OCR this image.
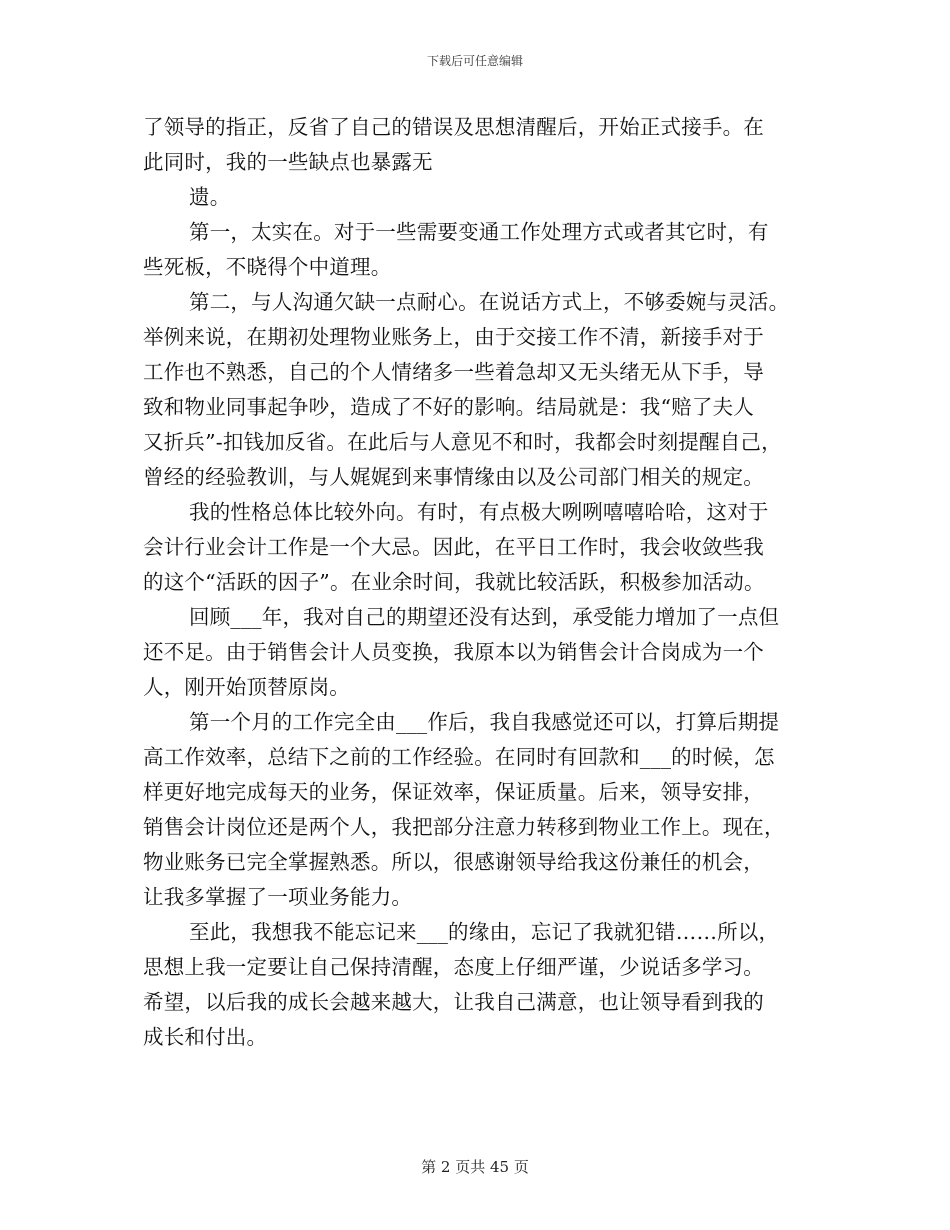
下载后可任意编辑
了领导的指正，反省了自己的错误及思想清醒后，开始正式接手。在
此同时，我的一些缺点也暴露无
遗。
第一，太实在。对于一些需要变通工作处理方式或者其它时，有
些死板，不晓得个中道理。
第二，与人沟通欠缺一点耐心。在说话方式上，不够委婉与灵活。
举例来说，在期初处理物业账务上，由于交接工作不清，新接手对于
工作也不熟悉，自己的个人情绪多一些着急却又无头绪无从下手，导
致和物业同事起争吵，造成了不好的影响。结局就是：我“赔了夫人
又折兵”-扣钱加反省。在此后与人意见不和时，我都会时刻提醒自己，
曾经的经验教训，与人娓娓到来事情缘由以及公司部门相关的规定。
我的性格总体比较外向。有时，有点极大咧咧嘻嘻哈哈，这对于
会计行业会计工作是一个大忌。因此，在平日工作时，我会收敛些我
的这个“活跃的因子”。在业余时间，我就比较活跃，积极参加活动。
回顾___年，我对自己的期望还没有达到，承受能力增加了一点但
还不足。由于销售会计人员变换，我原本以为销售会计合岗成为一个
人，刚开始顶替原岗。
第一个月的工作完全由___作后，我自我感觉还可以，打算后期提
高工作效率，总结下之前的工作经验。在同时有回款和___的时候，怎
样更好地完成每天的业务，保证效率，保证质量。后来，领导安排，
销售会计岗位还是两个人，我把部分注意力转移到物业工作上。现在，
物业账务已完全掌握熟悉。所以，很感谢领导给我这份兼任的机会，
让我多掌握了一项业务能力。
至此，我想我不能忘记来___的缘由，忘记了我就犯错……所以，
思想上我一定要让自己保持清醒，态度上仔细严谨，少说话多学习。
希望，以后我的成长会越来越大，让我自己满意，也让领导看到我的
成长和付出。
第 2 页共 45 页
